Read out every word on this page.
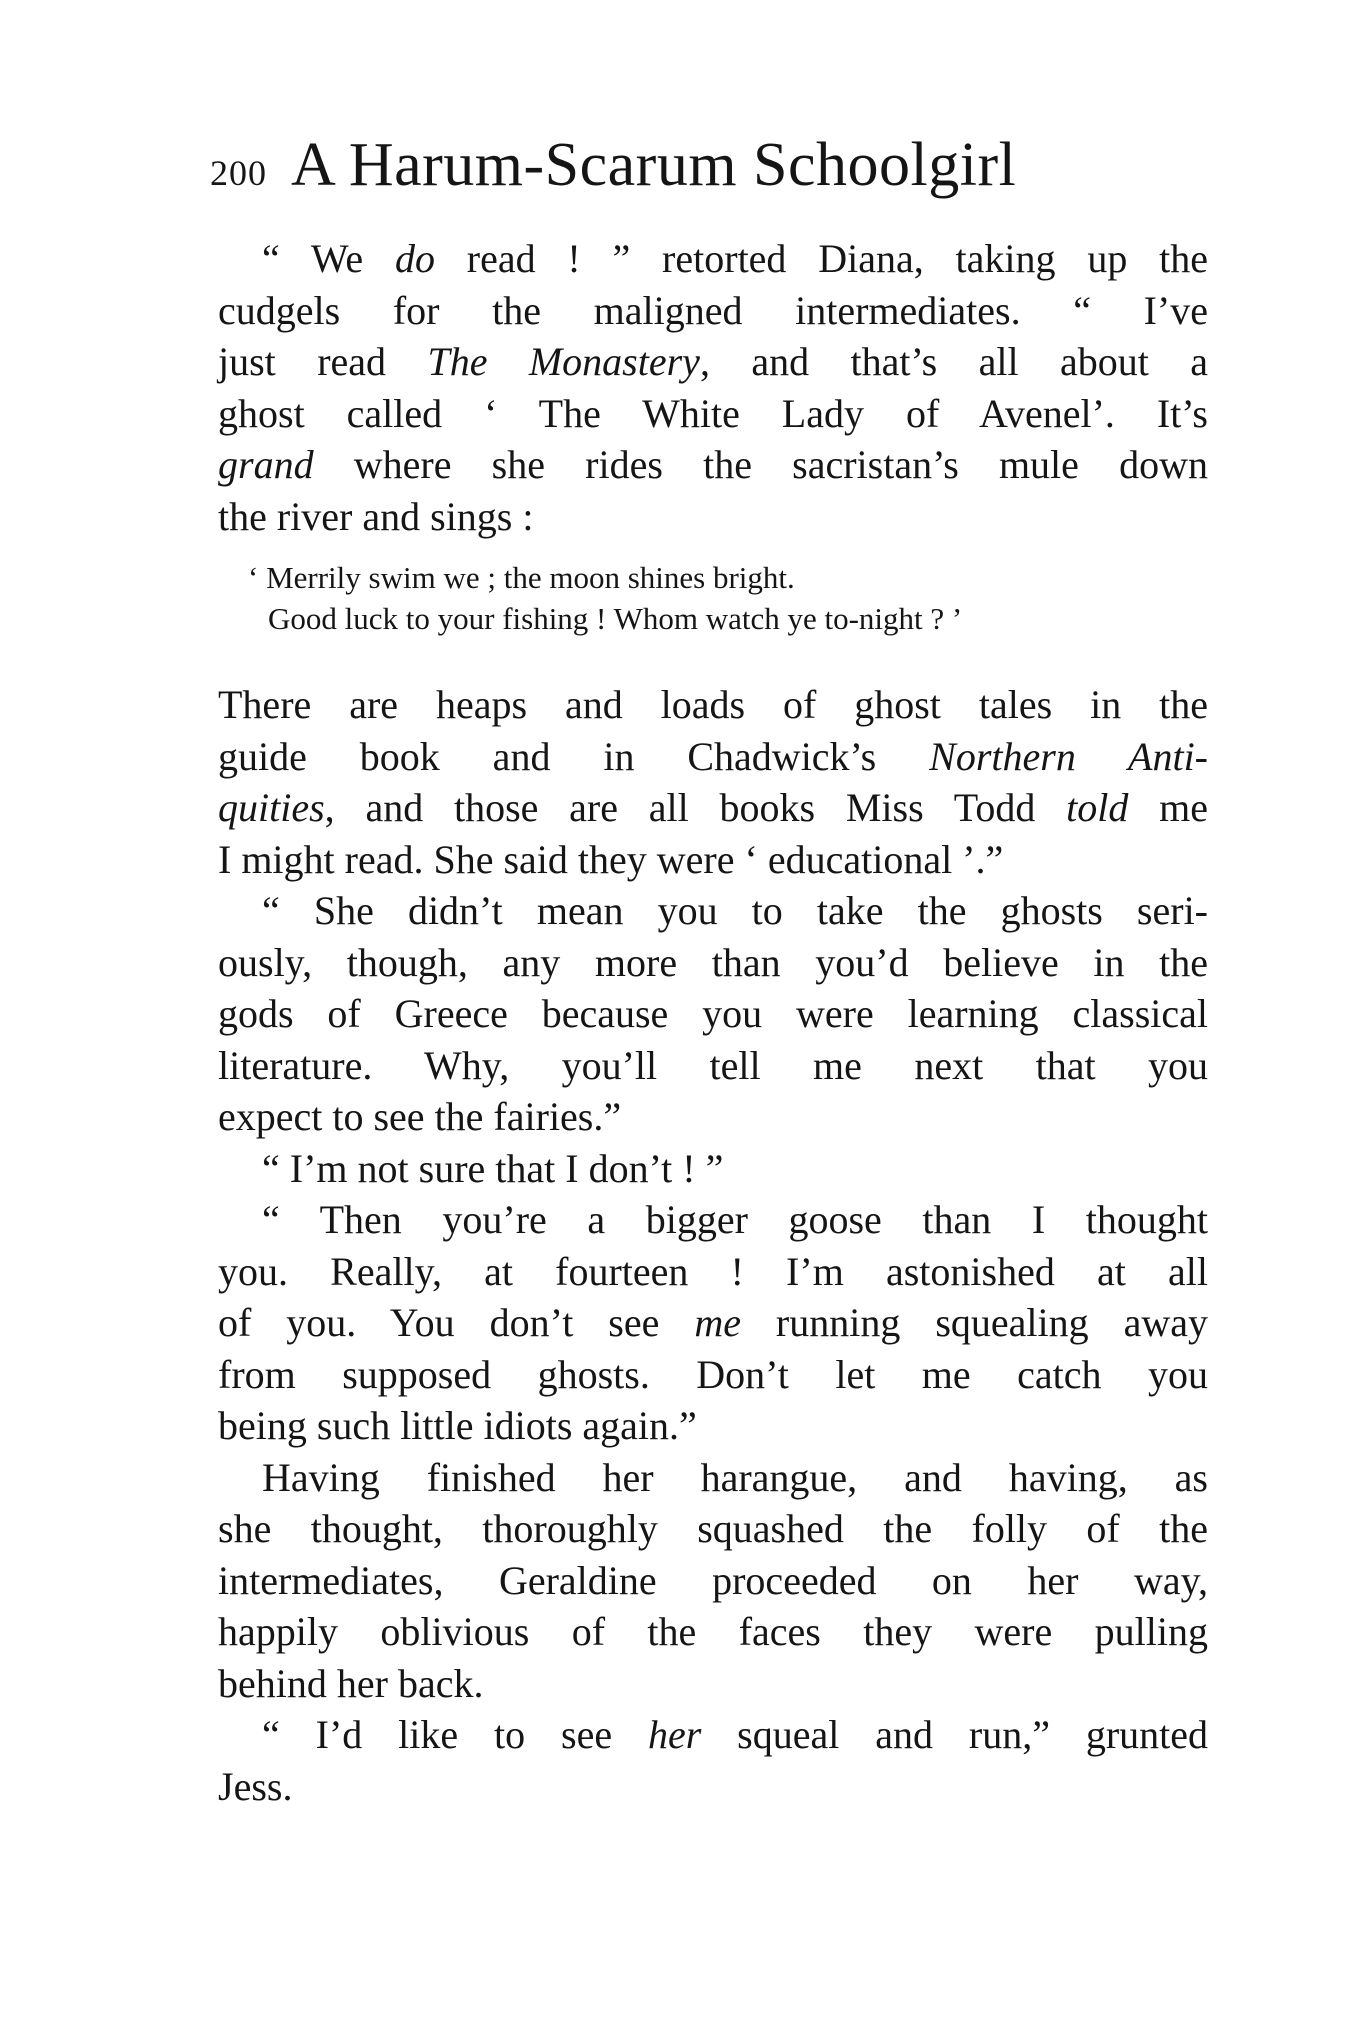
200 A Harum-Scarum Schoolgirl
“ We do read ! ” retorted Diana, taking up the
cudgels for the maligned intermediates. “ I’ve
just read The Monastery, and that’s all about a
ghost called ‘ The White Lady of Avenel’. It’s
grand where she rides the sacristan’s mule down
the river and sings :
‘ Merrily swim we ; the moon shines bright.
Good luck to your fishing ! Whom watch ye to-night ? ’
There are heaps and loads of ghost tales in the
guide book and in Chadwick’s Northern Anti-
quities, and those are all books Miss Todd told me
I might read. She said they were ‘ educational ’.”
“ She didn’t mean you to take the ghosts seri-
ously, though, any more than you’d believe in the
gods of Greece because you were learning classical
literature. Why, you’ll tell me next that you
expect to see the fairies.”
“ I’m not sure that I don’t ! ”
“ Then you’re a bigger goose than I thought
you. Really, at fourteen ! I’m astonished at all
of you. You don’t see me running squealing away
from supposed ghosts. Don’t let me catch you
being such little idiots again.”
Having finished her harangue, and having, as
she thought, thoroughly squashed the folly of the
intermediates, Geraldine proceeded on her way,
happily oblivious of the faces they were pulling
behind her back.
“ I’d like to see her squeal and run,” grunted
Jess.
